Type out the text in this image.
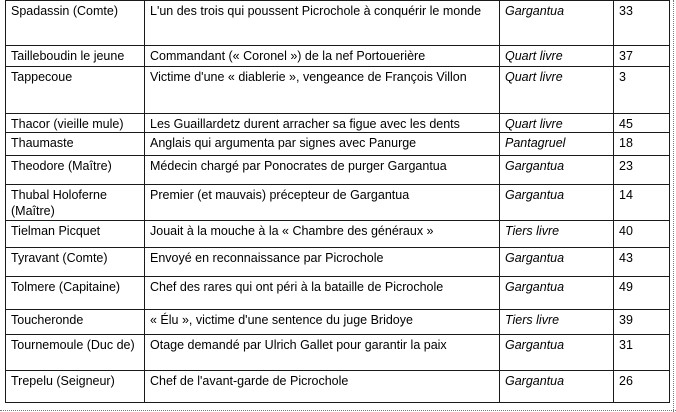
Spadassin (Comte)	L'un des trois qui poussent Picrochole à conquérir le monde	Gargantua	33
Tailleboudin le jeune	Commandant (« Coronel ») de la nef Portouerière	Quart livre	37
Tappecoue	Victime d'une « diablerie », vengeance de François Villon	Quart livre	3
Thacor (vieille mule)	Les Guaillardetz durent arracher sa figue avec les dents	Quart livre	45
Thaumaste	Anglais qui argumenta par signes avec Panurge	Pantagruel	18
Theodore (Maître)	Médecin chargé par Ponocrates de purger Gargantua	Gargantua	23
Thubal Holoferne (Maître)	Premier (et mauvais) précepteur de Gargantua	Gargantua	14
Tielman Picquet	Jouait à la mouche à la « Chambre des généraux »	Tiers livre	40
Tyravant (Comte)	Envoyé en reconnaissance par Picrochole	Gargantua	43
Tolmere (Capitaine)	Chef des rares qui ont péri à la bataille de Picrochole	Gargantua	49
Toucheronde	« Élu », victime d'une sentence du juge Bridoye	Tiers livre	39
Tournemoule (Duc de)	Otage demandé par Ulrich Gallet pour garantir la paix	Gargantua	31
Trepelu (Seigneur)	Chef de l'avant-garde de Picrochole	Gargantua	26
